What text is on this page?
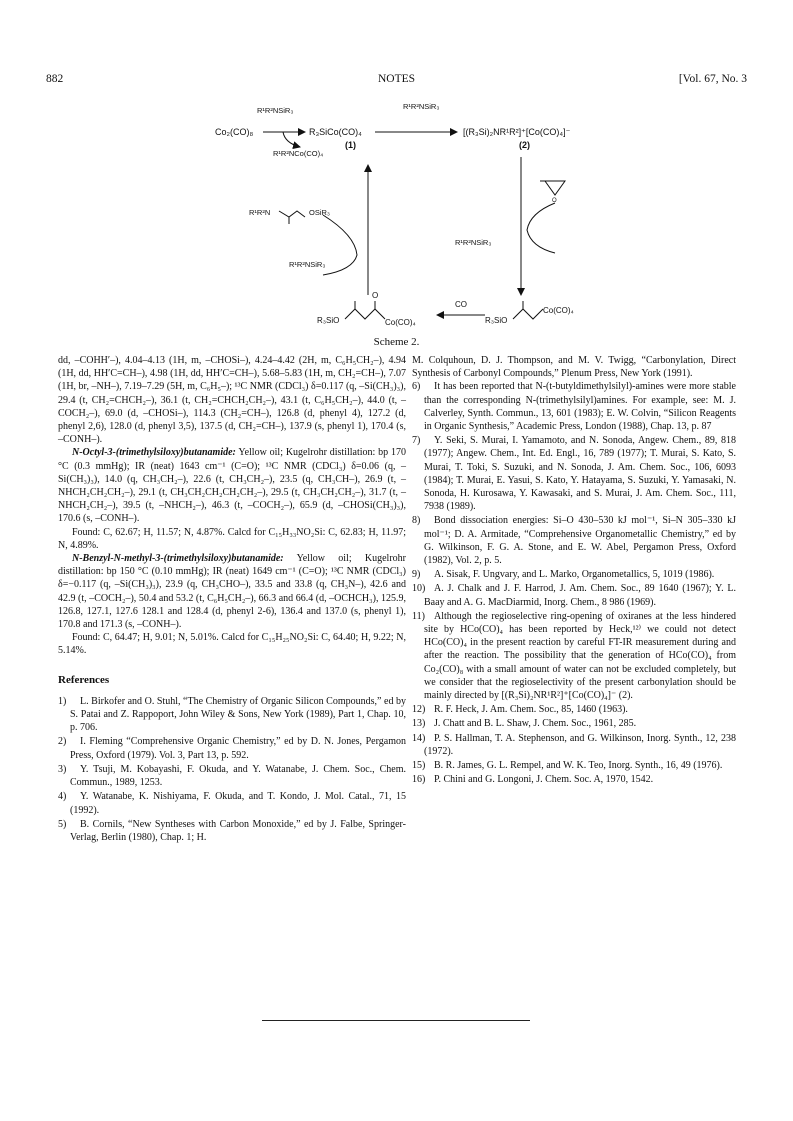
882	NOTES	[Vol. 67, No. 3
Co₂(CO)₈
R¹R²NSiR₃
R¹R²NCo(CO)₄
R₃SiCo(CO)₄
(1)
R¹R²NSiR₃
[(R₃Si)₂NR¹R²]⁺[Co(CO)₄]⁻
(2)
R¹R²N	OSiR₃
R¹R²NSiR₃
O
R¹R²NSiR₃
R₃SiO
O
Co(CO)₄
CO
R₃SiO
Co(CO)₄
Scheme 2.

dd, –COHH′–), 4.04–4.13 (1H, m, –CHOSi–), 4.24–4.42 (2H, m, C₆H₅CH₂–), 4.94 (1H, dd, HH′C=CH–), 4.98 (1H, dd, HH′C=CH–), 5.68–5.83 (1H, m, CH₂=CH–), 7.07 (1H, br, –NH–), 7.19–7.29 (5H, m, C₆H₅–); ¹³C NMR (CDCl₃) δ=0.117 (q, –Si(CH₃)₃), 29.4 (t, CH₂=CHCH₂–), 36.1 (t, CH₂=CHCH₂CH₂–), 43.1 (t, C₆H₅CH₂–), 44.0 (t, –COCH₂–), 69.0 (d, –CHOSi–), 114.3 (CH₂=CH–), 126.8 (d, phenyl 4), 127.2 (d, phenyl 2,6), 128.0 (d, phenyl 3,5), 137.5 (d, CH₂=CH–), 137.9 (s, phenyl 1), 170.4 (s, –CONH–).

N-Octyl-3-(trimethylsiloxy)butanamide: Yellow oil; Kugelrohr distillation: bp 170 °C (0.3 mmHg); IR (neat) 1643 cm⁻¹ (C=O); ¹³C NMR (CDCl₃) δ=0.06 (q, –Si(CH₃)₃), 14.0 (q, CH₃CH₂–), 22.6 (t, CH₃CH₂–), 23.5 (q, CH₃CH–), 26.9 (t, –NHCH₂CH₂CH₂–), 29.1 (t, CH₃CH₂CH₂CH₂CH₂–), 29.5 (t, CH₃CH₂CH₂–), 31.7 (t, –NHCH₂CH₂–), 39.5 (t, –NHCH₂–), 46.3 (t, –COCH₂–), 65.9 (d, –CHOSi(CH₃)₃), 170.6 (s, –CONH–).

Found: C, 62.67; H, 11.57; N, 4.87%. Calcd for C₁₅H₃₃NO₂Si: C, 62.83; H, 11.97; N, 4.89%.

N-Benzyl-N-methyl-3-(trimethylsiloxy)butanamide: Yellow oil; Kugelrohr distillation: bp 150 °C (0.10 mmHg); IR (neat) 1649 cm⁻¹ (C=O); ¹³C NMR (CDCl₃) δ=−0.117 (q, –Si(CH₃)₃), 23.9 (q, CH₃CHO–), 33.5 and 33.8 (q, CH₃N–), 42.6 and 42.9 (t, –COCH₂–), 50.4 and 53.2 (t, C₆H₅CH₂–), 66.3 and 66.4 (d, –OCHCH₃), 125.9, 126.8, 127.1, 127.6 128.1 and 128.4 (d, phenyl 2-6), 136.4 and 137.0 (s, phenyl 1), 170.8 and 171.3 (s, –CONH–).

Found: C, 64.47; H, 9.01; N, 5.01%. Calcd for C₁₅H₂₅NO₂Si: C, 64.40; H, 9.22; N, 5.14%.

References

1) L. Birkofer and O. Stuhl, “The Chemistry of Organic Silicon Compounds,” ed by S. Patai and Z. Rappoport, John Wiley & Sons, New York (1989), Part 1, Chap. 10, p. 706.

2) I. Fleming “Comprehensive Organic Chemistry,” ed by D. N. Jones, Pergamon Press, Oxford (1979). Vol. 3, Part 13, p. 592.

3) Y. Tsuji, M. Kobayashi, F. Okuda, and Y. Watanabe, J. Chem. Soc., Chem. Commun., 1989, 1253.

4) Y. Watanabe, K. Nishiyama, F. Okuda, and T. Kondo, J. Mol. Catal., 71, 15 (1992).

5) B. Cornils, “New Syntheses with Carbon Monoxide,” ed by J. Falbe, Springer-Verlag, Berlin (1980), Chap. 1; H.

M. Colquhoun, D. J. Thompson, and M. V. Twigg, “Carbonylation, Direct Synthesis of Carbonyl Compounds,” Plenum Press, New York (1991).

6) It has been reported that N-(t-butyldimethylsilyl)-amines were more stable than the corresponding N-(trimethylsilyl)amines. For example, see: M. J. Calverley, Synth. Commun., 13, 601 (1983); E. W. Colvin, “Silicon Reagents in Organic Synthesis,” Academic Press, London (1988), Chap. 13, p. 87

7) Y. Seki, S. Murai, I. Yamamoto, and N. Sonoda, Angew. Chem., 89, 818 (1977); Angew. Chem., Int. Ed. Engl., 16, 789 (1977); T. Murai, S. Kato, S. Murai, T. Toki, S. Suzuki, and N. Sonoda, J. Am. Chem. Soc., 106, 6093 (1984); T. Murai, E. Yasui, S. Kato, Y. Hatayama, S. Suzuki, Y. Yamasaki, N. Sonoda, H. Kurosawa, Y. Kawasaki, and S. Murai, J. Am. Chem. Soc., 111, 7938 (1989).

8) Bond dissociation energies: Si–O 430–530 kJ mol⁻¹, Si–N 305–330 kJ mol⁻¹; D. A. Armitade, “Comprehensive Organometallic Chemistry,” ed by G. Wilkinson, F. G. A. Stone, and E. W. Abel, Pergamon Press, Oxford (1982), Vol. 2, p. 5.

9) A. Sisak, F. Ungvary, and L. Marko, Organometallics, 5, 1019 (1986).

10) A. J. Chalk and J. F. Harrod, J. Am. Chem. Soc., 89 1640 (1967); Y. L. Baay and A. G. MacDiarmid, Inorg. Chem., 8 986 (1969).

11) Although the regioselective ring-opening of oxiranes at the less hindered site by HCo(CO)₄ has been reported by Heck,¹²⁾ we could not detect HCo(CO)₄ in the present reaction by careful FT-IR measurement during and after the reaction. The possibility that the generation of HCo(CO)₄ from Co₂(CO)₈ with a small amount of water can not be excluded completely, but we consider that the regioselectivity of the present carbonylation should be mainly directed by [(R₃Si)₂NR¹R²]⁺[Co(CO)₄]⁻ (2).

12) R. F. Heck, J. Am. Chem. Soc., 85, 1460 (1963).

13) J. Chatt and B. L. Shaw, J. Chem. Soc., 1961, 285.

14) P. S. Hallman, T. A. Stephenson, and G. Wilkinson, Inorg. Synth., 12, 238 (1972).

15) B. R. James, G. L. Rempel, and W. K. Teo, Inorg. Synth., 16, 49 (1976).

16) P. Chini and G. Longoni, J. Chem. Soc. A, 1970, 1542.
